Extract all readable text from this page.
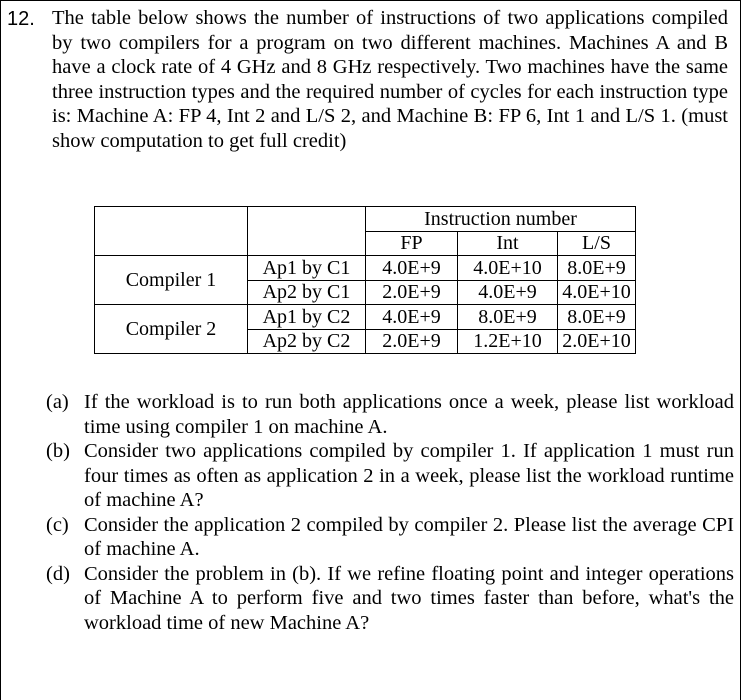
12. The table below shows the number of instructions of two applications compiled by two compilers for a program on two different machines. Machines A and B have a clock rate of 4 GHz and 8 GHz respectively. Two machines have the same three instruction types and the required number of cycles for each instruction type is: Machine A: FP 4, Int 2 and L/S 2, and Machine B: FP 6, Int 1 and L/S 1. (must show computation to get full credit)
		Instruction number		
		FP	Int	L/S
Compiler 1	Ap1 by C1	4.0E+9	4.0E+10	8.0E+9
	Ap2 by C1	2.0E+9	4.0E+9	4.0E+10
Compiler 2	Ap1 by C2	4.0E+9	8.0E+9	8.0E+9
	Ap2 by C2	2.0E+9	1.2E+10	2.0E+10
(a) If the workload is to run both applications once a week, please list workload time using compiler 1 on machine A.
(b) Consider two applications compiled by compiler 1. If application 1 must run four times as often as application 2 in a week, please list the workload runtime of machine A?
(c) Consider the application 2 compiled by compiler 2. Please list the average CPI of machine A.
(d) Consider the problem in (b). If we refine floating point and integer operations of Machine A to perform five and two times faster than before, what's the workload time of new Machine A?
